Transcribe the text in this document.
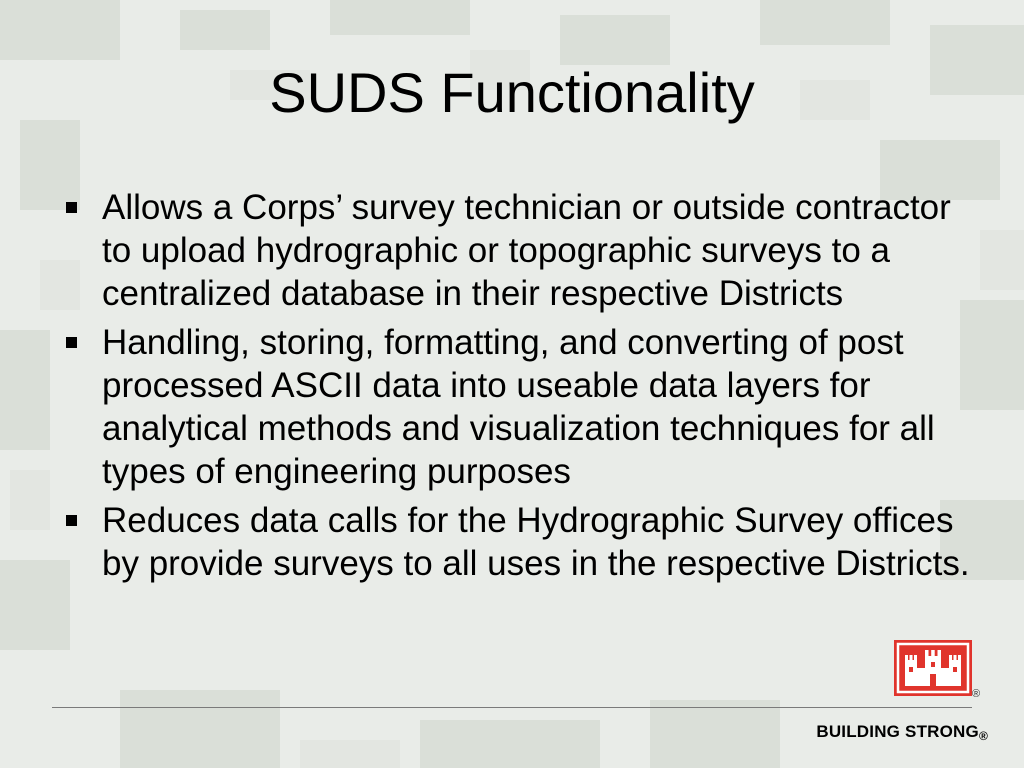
SUDS Functionality
Allows a Corps’ survey technician or outside contractor to upload hydrographic or topographic surveys to a centralized database in their respective Districts
Handling, storing, formatting, and converting of post processed ASCII data into useable data layers for analytical methods and visualization techniques for all types of engineering purposes
Reduces data calls for the Hydrographic Survey offices by provide surveys to all uses in the respective Districts.
®
BUILDING STRONG®
